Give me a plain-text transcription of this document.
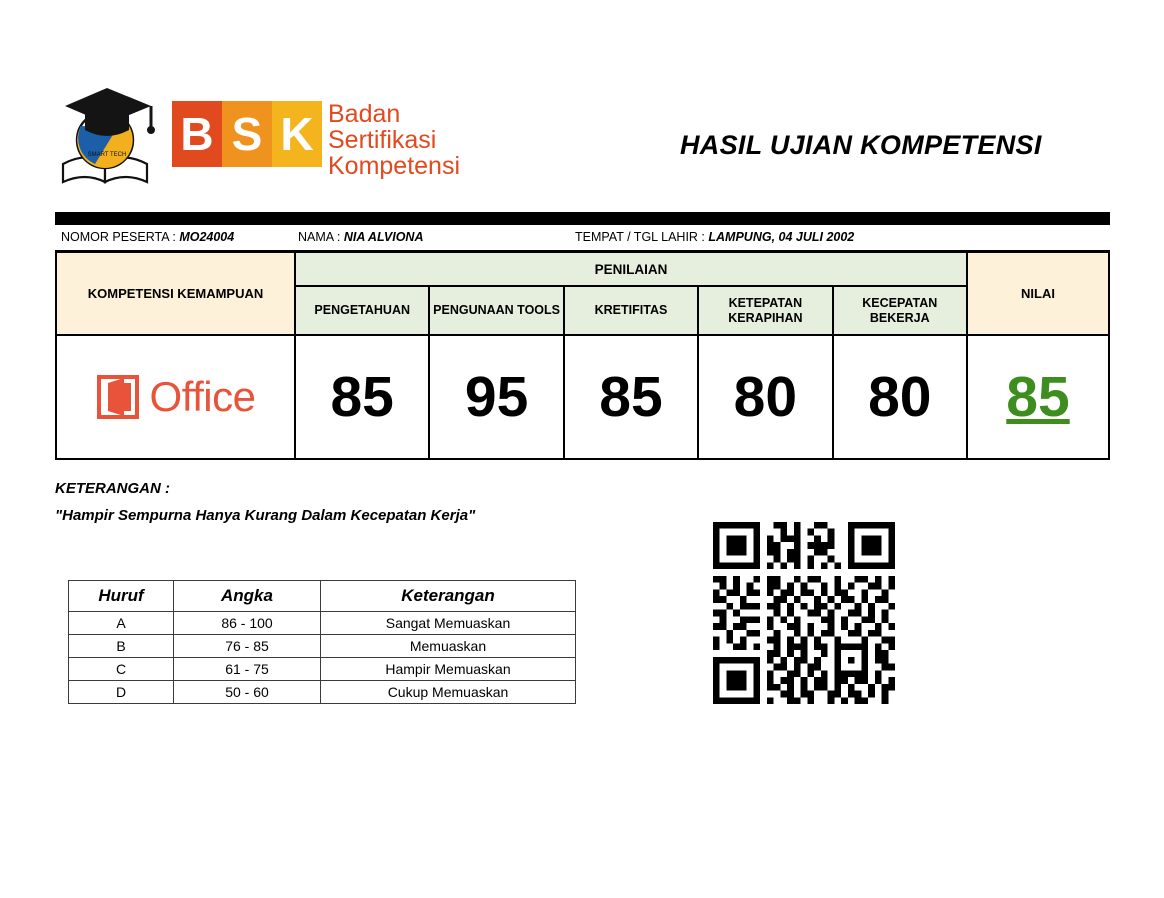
SMART TECH B S K Badan
Sertifikasi
Kompetensi
HASIL UJIAN KOMPETENSI
NOMOR PESERTA : MO24004	NAMA : NIA ALVIONA	TEMPAT / TGL LAHIR : LAMPUNG, 04 JULI 2002
KOMPETENSI KEMAMPUAN	PENILAIAN					NILAI
	PENGETAHUAN	PENGUNAAN TOOLS	KRETIFITAS	KETEPATAN KERAPIHAN	KECEPATAN BEKERJA	

Office	85	95	85	80	80	85
KETERANGAN :
"Hampir Sempurna Hanya Kurang Dalam Kecepatan Kerja"
Huruf	Angka	Keterangan
A	86 - 100	Sangat Memuaskan
B	76 - 85	Memuaskan
C	61 - 75	Hampir Memuaskan
D	50 - 60	Cukup Memuaskan
